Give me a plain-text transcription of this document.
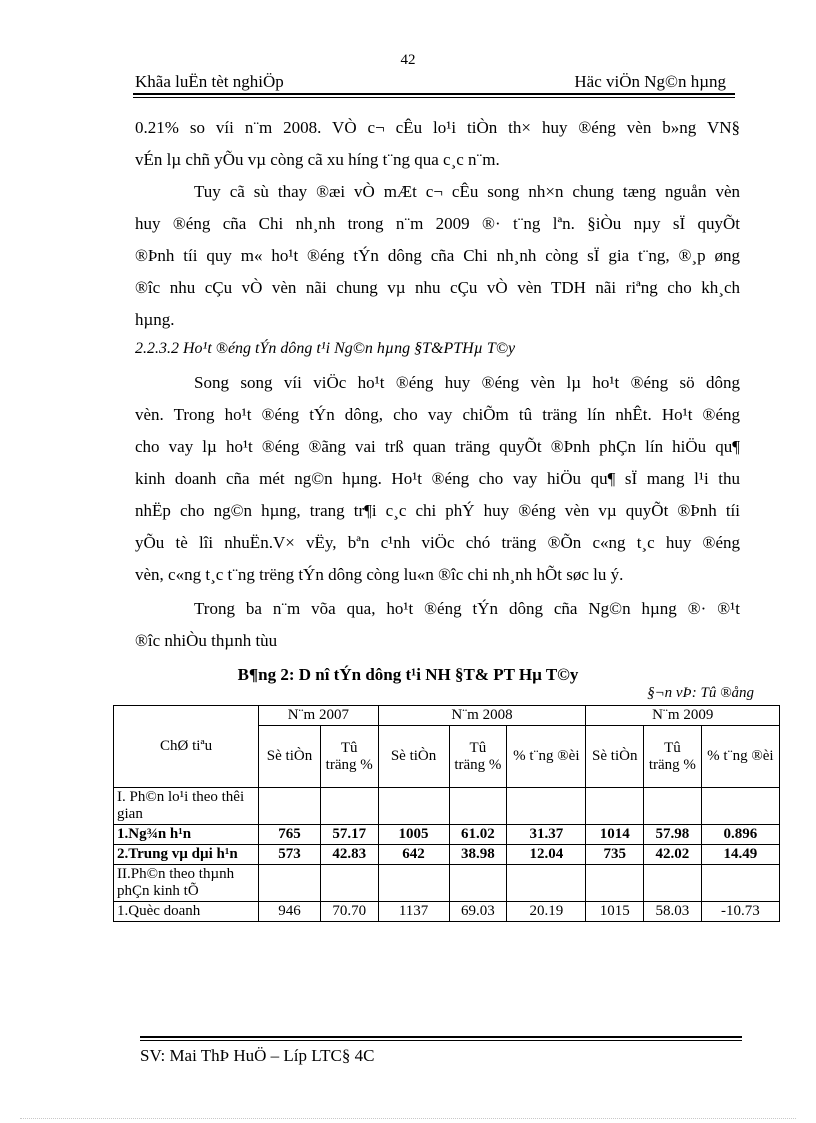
42
Khãa luËn tèt nghiÖp	Häc viÖn Ng©n hµng
0.21% so víi n¨m 2008. VÒ c¬ cÊu lo¹i tiÒn th× huy ®éng vèn b»ng VN§
vÉn lµ chñ yÕu vµ còng cã xu híng t¨ng qua c¸c n¨m.
Tuy cã sù thay ®æi vÒ mÆt c¬ cÊu song nh×n chung tæng nguån vèn
huy ®éng cña Chi nh¸nh trong n¨m 2009 ®· t¨ng lªn. §iÒu nµy sÏ quyÕt
®Þnh tíi quy m« ho¹t ®éng tÝn dông cña Chi nh¸nh còng sÏ gia t¨ng, ®¸p øng
®îc nhu cÇu vÒ vèn nãi chung vµ nhu cÇu vÒ vèn TDH nãi riªng cho kh¸ch
hµng.
2.2.3.2 Ho¹t ®éng tÝn dông t¹i Ng©n hµng §T&PTHµ T©y
Song song víi viÖc ho¹t ®éng huy ®éng vèn lµ ho¹t ®éng sö dông
vèn. Trong ho¹t ®éng tÝn dông, cho vay chiÕm tû träng lín nhÊt. Ho¹t ®éng
cho vay lµ ho¹t ®éng ®ãng vai trß quan träng quyÕt ®Þnh phÇn lín hiÖu qu¶
kinh doanh cña mét ng©n hµng. Ho¹t ®éng cho vay hiÖu qu¶ sÏ mang l¹i thu
nhËp cho ng©n hµng, trang tr¶i c¸c chi phÝ huy ®éng vèn vµ quyÕt ®Þnh tíi
yÕu tè lîi nhuËn.V× vËy, bªn c¹nh viÖc chó träng ®Õn c«ng t¸c huy ®éng
vèn, c«ng t¸c t¨ng trëng tÝn dông còng lu«n ®îc chi nh¸nh hÕt søc lu ý.
Trong ba n¨m võa qua, ho¹t ®éng tÝn dông cña Ng©n hµng ®· ®¹t
®îc nhiÒu thµnh tùu
B¶ng 2: D nî tÝn dông t¹i NH §T& PT Hµ T©y
§¬n vÞ: Tû ®ång
ChØ tiªu	N¨m 2007		N¨m 2008			N¨m 2009		
	Sè tiÒn	Tû träng %	Sè tiÒn	Tû träng %	% t¨ng ®èi	Sè tiÒn	Tû träng %	% t¨ng ®èi
I. Ph©n lo¹i theo thêi gian								
1.Ng¾n h¹n	765	57.17	1005	61.02	31.37	1014	57.98	0.896
2.Trung vµ dµi h¹n	573	42.83	642	38.98	12.04	735	42.02	14.49
II.Ph©n theo thµnh phÇn kinh tÕ								
1.Quèc doanh	946	70.70	1137	69.03	20.19	1015	58.03	-10.73
SV: Mai ThÞ HuÖ – Líp LTC§ 4C
